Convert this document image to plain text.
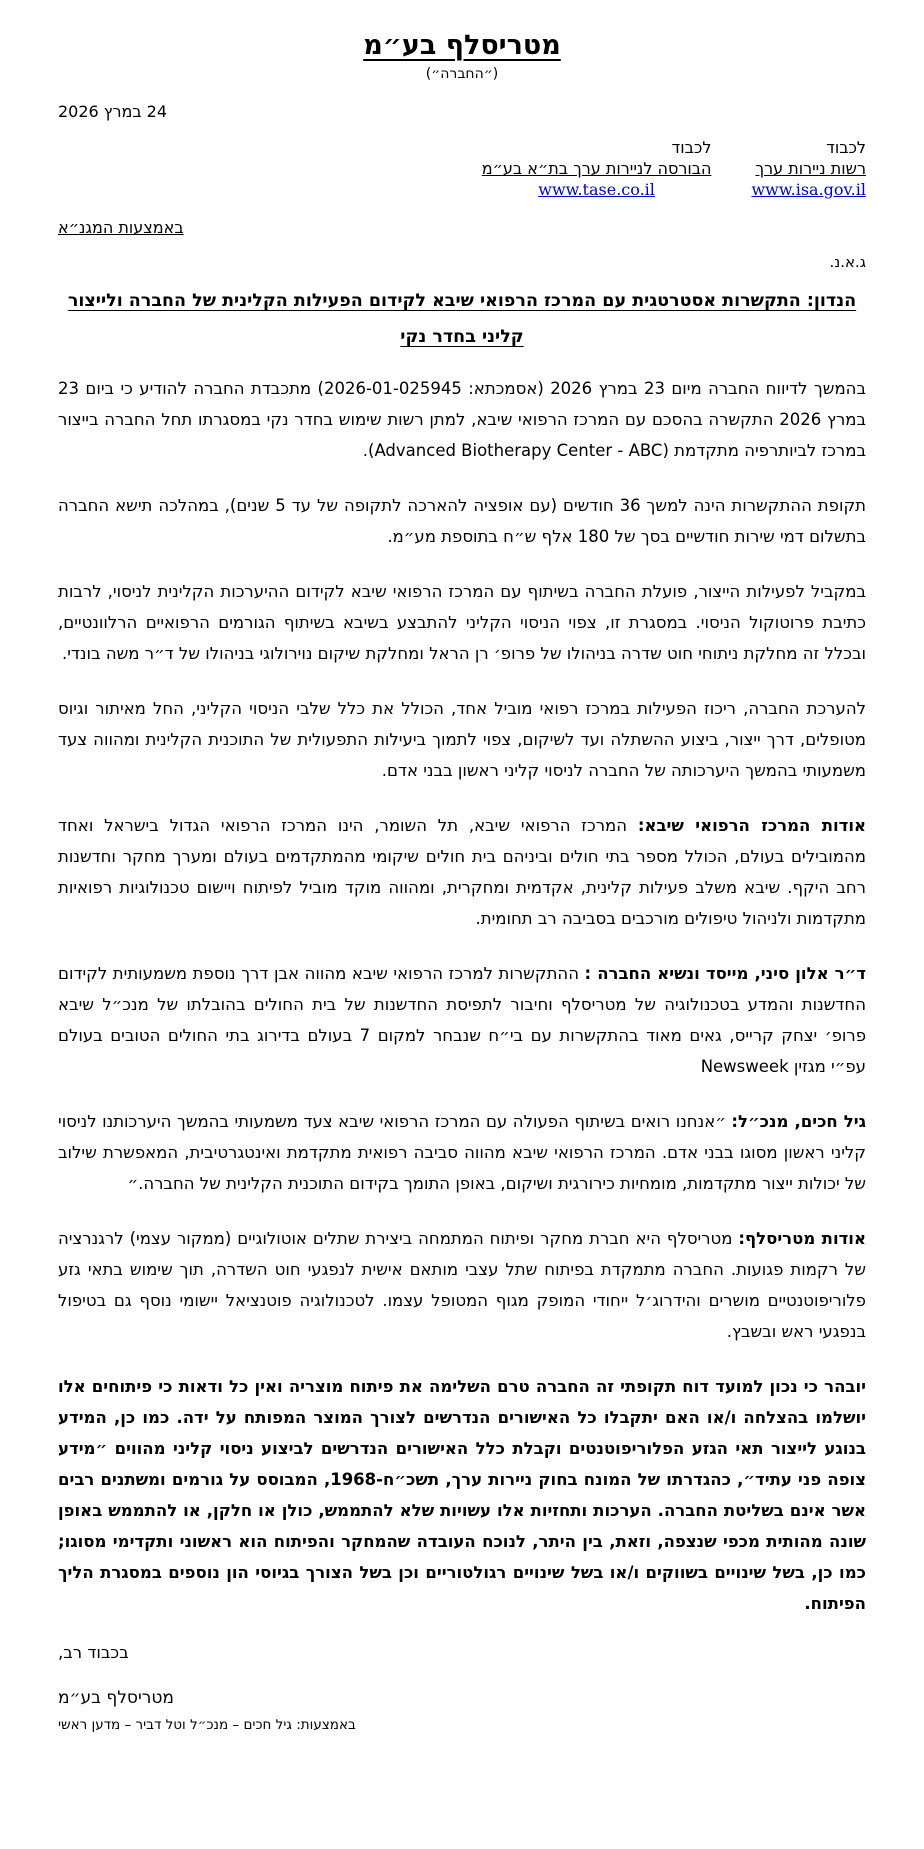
מטריסלף בע״מ
(״החברה״)
24 במרץ 2026
לכבוד
רשות ניירות ערך
www.isa.gov.il
לכבוד
הבורסה לניירות ערך בת״א בע״מ
www.tase.co.il
באמצעות המגנ״א
ג.א.נ.
הנדון: התקשרות אסטרטגית עם המרכז הרפואי שיבא לקידום הפעילות הקלינית של החברה ולייצור
קליני בחדר נקי

בהמשך לדיווח החברה מיום 23 במרץ 2026 (אסמכתא: 2026-01-025945) מתכבדת החברה להודיע כי ביום 23 במרץ 2026 התקשרה בהסכם עם המרכז הרפואי שיבא, למתן רשות שימוש בחדר נקי במסגרתו תחל החברה בייצור במרכז לביותרפיה מתקדמת (Advanced Biotherapy Center - ABC).

תקופת ההתקשרות הינה למשך 36 חודשים (עם אופציה להארכה לתקופה של עד 5 שנים), במהלכה תישא החברה בתשלום דמי שירות חודשיים בסך של 180 אלף ש״ח בתוספת מע״מ.

במקביל לפעילות הייצור, פועלת החברה בשיתוף עם המרכז הרפואי שיבא לקידום ההיערכות הקלינית לניסוי, לרבות כתיבת פרוטוקול הניסוי. במסגרת זו, צפוי הניסוי הקליני להתבצע בשיבא בשיתוף הגורמים הרפואיים הרלוונטיים, ובכלל זה מחלקת ניתוחי חוט שדרה בניהולו של פרופ׳ רן הראל ומחלקת שיקום נוירולוגי בניהולו של ד״ר משה בונדי.

להערכת החברה, ריכוז הפעילות במרכז רפואי מוביל אחד, הכולל את כלל שלבי הניסוי הקליני, החל מאיתור וגיוס מטופלים, דרך ייצור, ביצוע ההשתלה ועד לשיקום, צפוי לתמוך ביעילות התפעולית של התוכנית הקלינית ומהווה צעד משמעותי בהמשך היערכותה של החברה לניסוי קליני ראשון בבני אדם.

אודות המרכז הרפואי שיבא: המרכז הרפואי שיבא, תל השומר, הינו המרכז הרפואי הגדול בישראל ואחד מהמובילים בעולם, הכולל מספר בתי חולים וביניהם בית חולים שיקומי מהמתקדמים בעולם ומערך מחקר וחדשנות רחב היקף. שיבא משלב פעילות קלינית, אקדמית ומחקרית, ומהווה מוקד מוביל לפיתוח ויישום טכנולוגיות רפואיות מתקדמות ולניהול טיפולים מורכבים בסביבה רב תחומית.

ד״ר אלון סיני, מייסד ונשיא החברה : ההתקשרות למרכז הרפואי שיבא מהווה אבן דרך נוספת משמעותית לקידום החדשנות והמדע בטכנולוגיה של מטריסלף וחיבור לתפיסת החדשנות של בית החולים בהובלתו של מנכ״ל שיבא פרופ׳ יצחק קרייס, גאים מאוד בהתקשרות עם בי״ח שנבחר למקום 7 בעולם בדירוג בתי החולים הטובים בעולם עפ״י מגזין Newsweek

גיל חכים, מנכ״ל: ״אנחנו רואים בשיתוף הפעולה עם המרכז הרפואי שיבא צעד משמעותי בהמשך היערכותנו לניסוי קליני ראשון מסוגו בבני אדם. המרכז הרפואי שיבא מהווה סביבה רפואית מתקדמת ואינטגרטיבית, המאפשרת שילוב של יכולות ייצור מתקדמות, מומחיות כירורגית ושיקום, באופן התומך בקידום התוכנית הקלינית של החברה.״

אודות מטריסלף: מטריסלף היא חברת מחקר ופיתוח המתמחה ביצירת שתלים אוטולוגיים (ממקור עצמי) לרגנרציה של רקמות פגועות. החברה מתמקדת בפיתוח שתל עצבי מותאם אישית לנפגעי חוט השדרה, תוך שימוש בתאי גזע פלוריפוטנטיים מושרים והידרוג׳ל ייחודי המופק מגוף המטופל עצמו. לטכנולוגיה פוטנציאל יישומי נוסף גם בטיפול בנפגעי ראש ובשבץ.

יובהר כי נכון למועד דוח תקופתי זה החברה טרם השלימה את פיתוח מוצריה ואין כל ודאות כי פיתוחים אלו יושלמו בהצלחה ו/או האם יתקבלו כל האישורים הנדרשים לצורך המוצר המפותח על ידה. כמו כן, המידע בנוגע לייצור תאי הגזע הפלוריפוטנטים וקבלת כלל האישורים הנדרשים לביצוע ניסוי קליני מהווים ״מידע צופה פני עתיד״, כהגדרתו של המונח בחוק ניירות ערך, תשכ״ח-1968, המבוסס על גורמים ומשתנים רבים אשר אינם בשליטת החברה. הערכות ותחזיות אלו עשויות שלא להתממש, כולן או חלקן, או להתממש באופן שונה מהותית מכפי שנצפה, וזאת, בין היתר, לנוכח העובדה שהמחקר והפיתוח הוא ראשוני ותקדימי מסוגו; כמו כן, בשל שינויים בשווקים ו/או בשל שינויים רגולטוריים וכן בשל הצורך בגיוסי הון נוספים במסגרת הליך הפיתוח.

בכבוד רב,
מטריסלף בע״מ
באמצעות: גיל חכים – מנכ״ל וטל דביר – מדען ראשי
